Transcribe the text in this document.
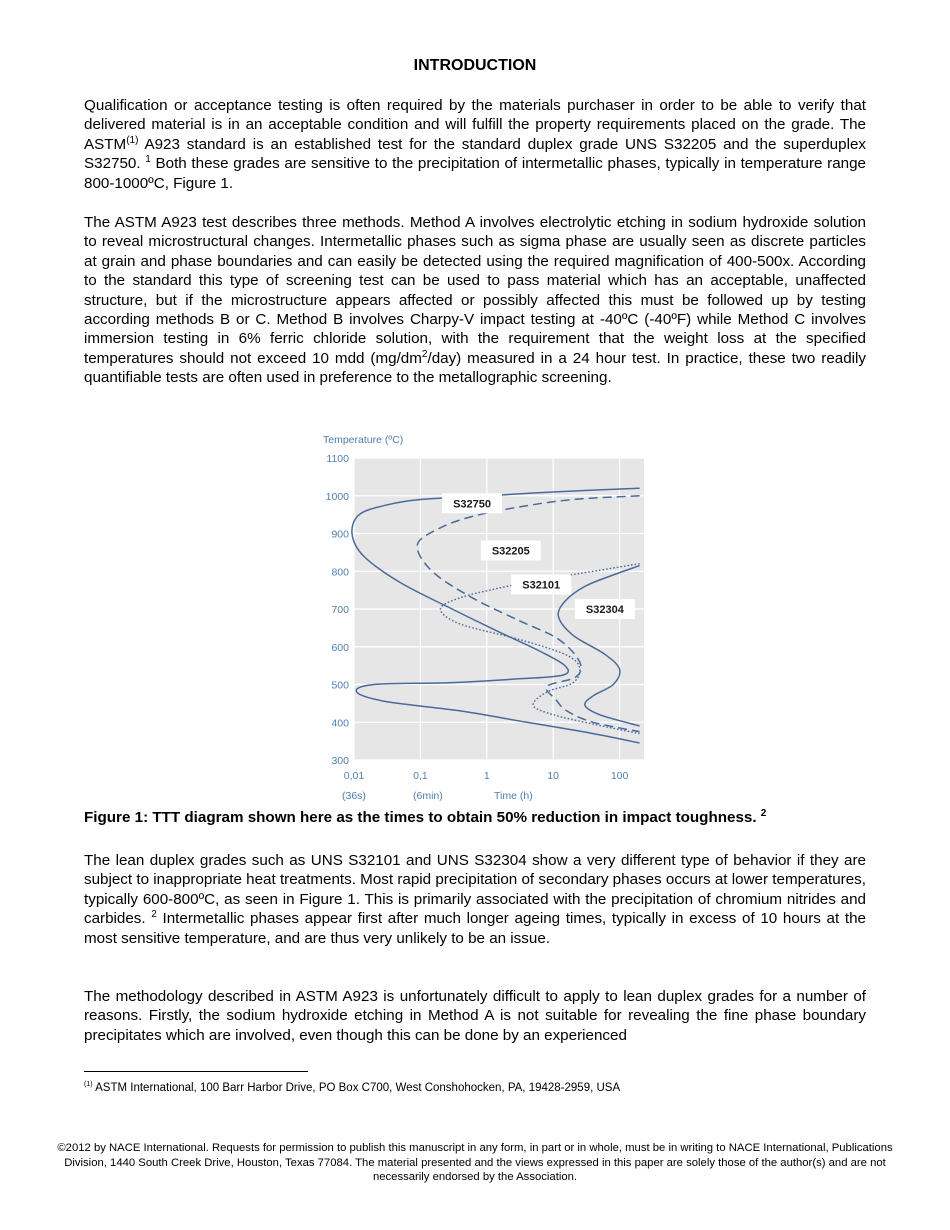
INTRODUCTION

Qualification or acceptance testing is often required by the materials purchaser in order to be able to verify that delivered material is in an acceptable condition and will fulfill the property requirements placed on the grade. The ASTM$^{(1)}$ A923 standard is an established test for the standard duplex grade UNS S32205 and the superduplex S32750. $^1$ Both these grades are sensitive to the precipitation of intermetallic phases, typically in temperature range 800-1000ºC, Figure 1.

The ASTM A923 test describes three methods. Method A involves electrolytic etching in sodium hydroxide solution to reveal microstructural changes. Intermetallic phases such as sigma phase are usually seen as discrete particles at grain and phase boundaries and can easily be detected using the required magnification of 400-500x. According to the standard this type of screening test can be used to pass material which has an acceptable, unaffected structure, but if the microstructure appears affected or possibly affected this must be followed up by testing according methods B or C. Method B involves Charpy-V impact testing at -40ºC (-40ºF) while Method C involves immersion testing in 6% ferric chloride solution, with the requirement that the weight loss at the specified temperatures should not exceed 10 mdd $(mg/dm^2/day)$ measured in a 24 hour test. In practice, these two readily quantifiable tests are often used in preference to the metallographic screening.

Temperature (ºC)
300
400
500
600
700
800
900
1000
1100
S32750
S32205
S32101
S32304
0,01	0,1	1	10	100
(36s)	(6min)	Time (h)

Figure 1: TTT diagram shown here as the times to obtain 50% reduction in impact toughness. $^2$

The lean duplex grades such as UNS S32101 and UNS S32304 show a very different type of behavior if they are subject to inappropriate heat treatments. Most rapid precipitation of secondary phases occurs at lower temperatures, typically 600-800ºC, as seen in Figure 1. This is primarily associated with the precipitation of chromium nitrides and carbides. $^2$ Intermetallic phases appear first after much longer ageing times, typically in excess of 10 hours at the most sensitive temperature, and are thus very unlikely to be an issue.

The methodology described in ASTM A923 is unfortunately difficult to apply to lean duplex grades for a number of reasons. Firstly, the sodium hydroxide etching in Method A is not suitable for revealing the fine phase boundary precipitates which are involved, even though this can be done by an experienced

$^{(1)}$ ASTM International, 100 Barr Harbor Drive, PO Box C700, West Conshohocken, PA, 19428-2959, USA

©2012 by NACE International. Requests for permission to publish this manuscript in any form, in part or in whole, must be in writing to NACE International, Publications Division, 1440 South Creek Drive, Houston, Texas 77084. The material presented and the views expressed in this paper are solely those of the author(s) and are not necessarily endorsed by the Association.
